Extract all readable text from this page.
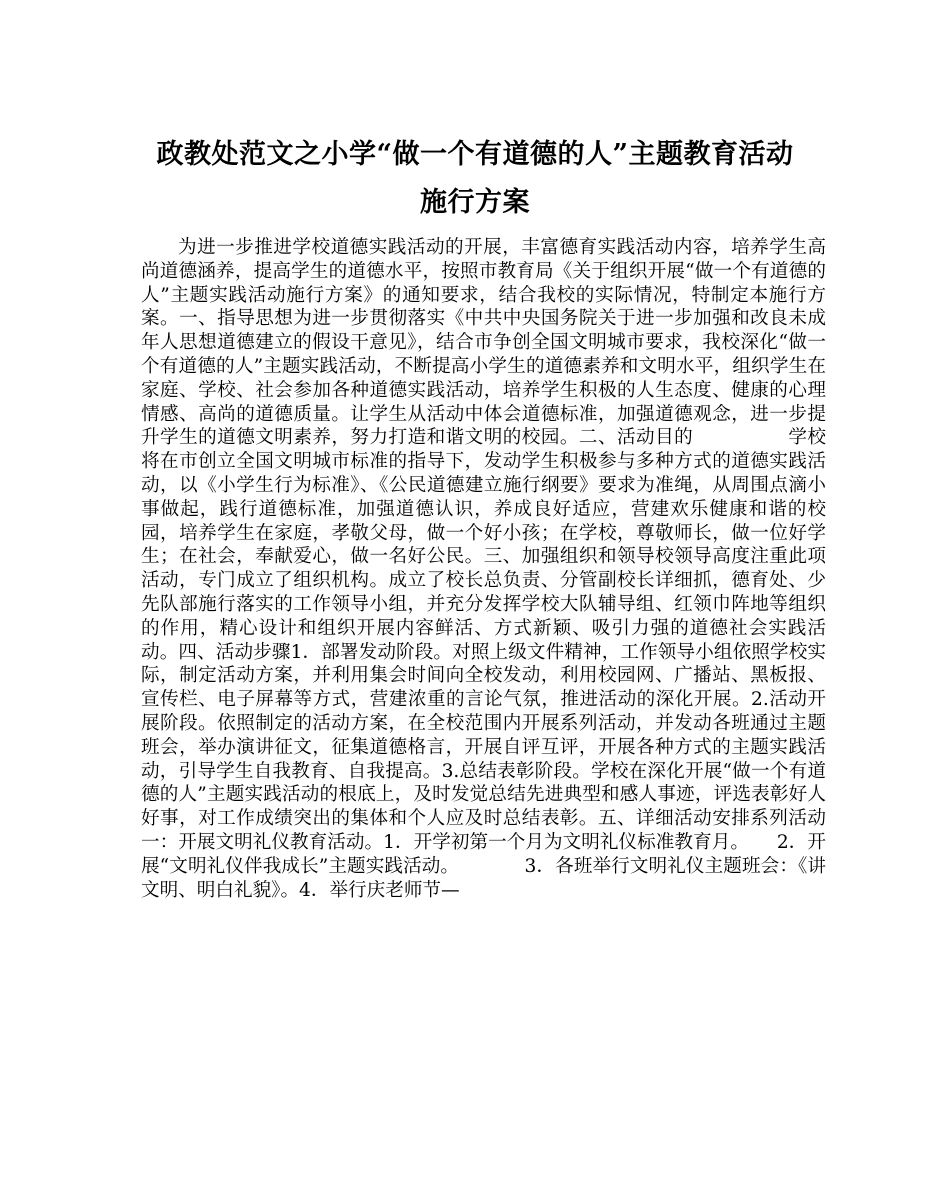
政教处范文之小学“做一个有道德的人”主题教育活动
施行方案

为进一步推进学校道德实践活动的开展，丰富德育实践活动内容，培养学生高尚道德涵养，提高学生的道德水平，按照市教育局《关于组织开展“做一个有道德的人”主题实践活动施行方案》的通知要求，结合我校的实际情况，特制定本施行方案。一、指导思想为进一步贯彻落实《中共中央国务院关于进一步加强和改良未成年人思想道德建立的假设干意见》，结合市争创全国文明城市要求，我校深化“做一个有道德的人”主题实践活动，不断提高小学生的道德素养和文明水平，组织学生在家庭、学校、社会参加各种道德实践活动，培养学生积极的人生态度、健康的心理情感、高尚的道德质量。让学生从活动中体会道德标准，加强道德观念，进一步提升学生的道德文明素养，努力打造和谐文明的校园。二、活动目的　　　　　学校将在市创立全国文明城市标准的指导下，发动学生积极参与多种方式的道德实践活动，以《小学生行为标准》、《公民道德建立施行纲要》要求为准绳，从周围点滴小事做起，践行道德标准，加强道德认识，养成良好适应，营建欢乐健康和谐的校园，培养学生在家庭，孝敬父母，做一个好小孩；在学校，尊敬师长，做一位好学生；在社会，奉献爱心，做一名好公民。三、加强组织和领导校领导高度注重此项活动，专门成立了组织机构。成立了校长总负责、分管副校长详细抓，德育处、少先队部施行落实的工作领导小组，并充分发挥学校大队辅导组、红领巾阵地等组织的作用，精心设计和组织开展内容鲜活、方式新颖、吸引力强的道德社会实践活动。四、活动步骤1．部署发动阶段。对照上级文件精神，工作领导小组依照学校实际，制定活动方案，并利用集会时间向全校发动，利用校园网、广播站、黑板报、宣传栏、电子屏幕等方式，营建浓重的言论气氛，推进活动的深化开展。2.活动开展阶段。依照制定的活动方案，在全校范围内开展系列活动，并发动各班通过主题班会，举办演讲征文，征集道德格言，开展自评互评，开展各种方式的主题实践活动，引导学生自我教育、自我提高。3.总结表彰阶段。学校在深化开展“做一个有道德的人”主题实践活动的根底上，及时发觉总结先进典型和感人事迹，评选表彰好人好事，对工作成绩突出的集体和个人应及时总结表彰。五、详细活动安排系列活动一：开展文明礼仪教育活动。1．开学初第一个月为文明礼仪标准教育月。　　2．开展“文明礼仪伴我成长”主题实践活动。　　　　3．各班举行文明礼仪主题班会：《讲文明、明白礼貌》。4．举行庆老师节—
